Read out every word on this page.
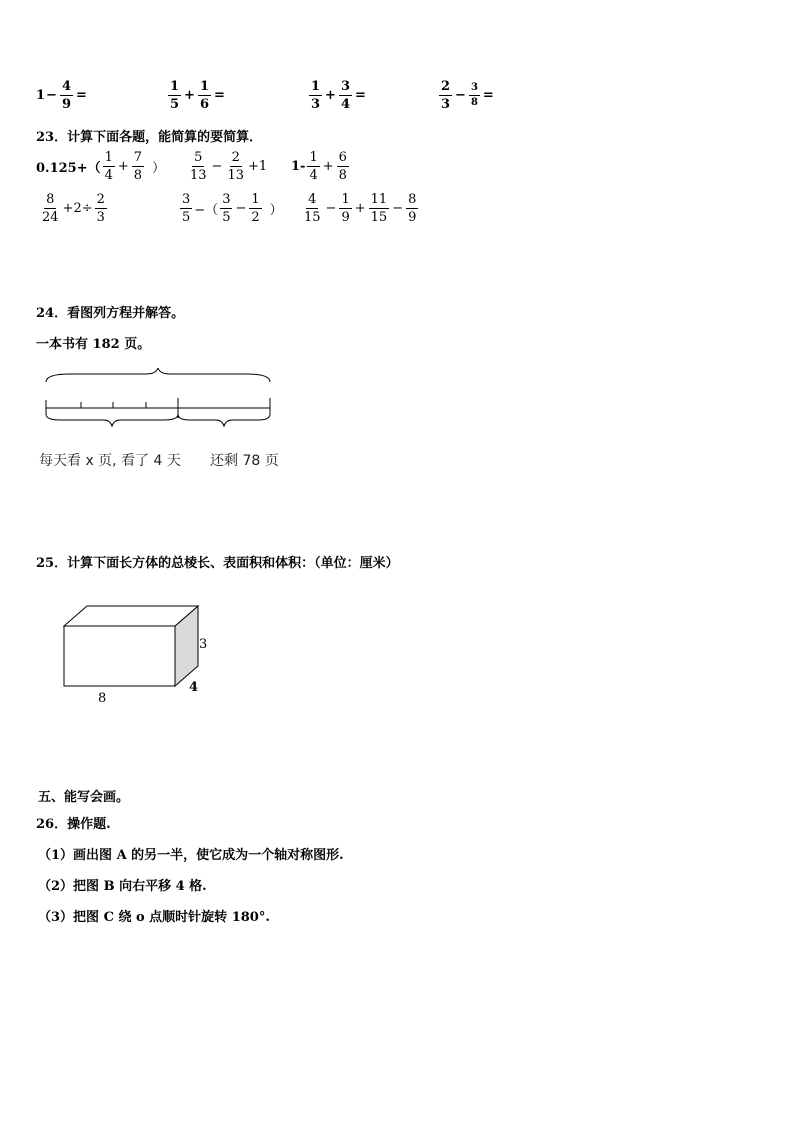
$1 - \frac{4}{9}$ =	$\frac{1}{5} + \frac{1}{6}$ =	$\frac{1}{3} + \frac{3}{4}$ =	$\frac{2}{3} - \frac{3}{8}$ =
23．计算下面各题，能简算的要简算．
$0.125+( \frac{1}{4} + \frac{7}{8}$ ） $\frac{5}{13} - \frac{2}{13} +1$ $1- \frac{1}{4} + \frac{6}{8}$
$\frac{8}{24} +2\div \frac{2}{3}$	$\frac{3}{5}$ −（ $\frac{3}{5} - \frac{1}{2}$ ） $\frac{4}{15} - \frac{1}{9} + \frac{11}{15} - \frac{8}{9}$
24．看图列方程并解答。
一本书有 182 页。
每天看 x 页, 看了 4 天 还剩 78 页
25．计算下面长方体的总棱长、表面积和体积：（单位：厘米）
3
4
8
五、能写会画。
26．操作题.
（1）画出图 A 的另一半，使它成为一个轴对称图形.
（2）把图 B 向右平移 4 格.
（3）把图 C 绕 o 点顺时针旋转 180°.
